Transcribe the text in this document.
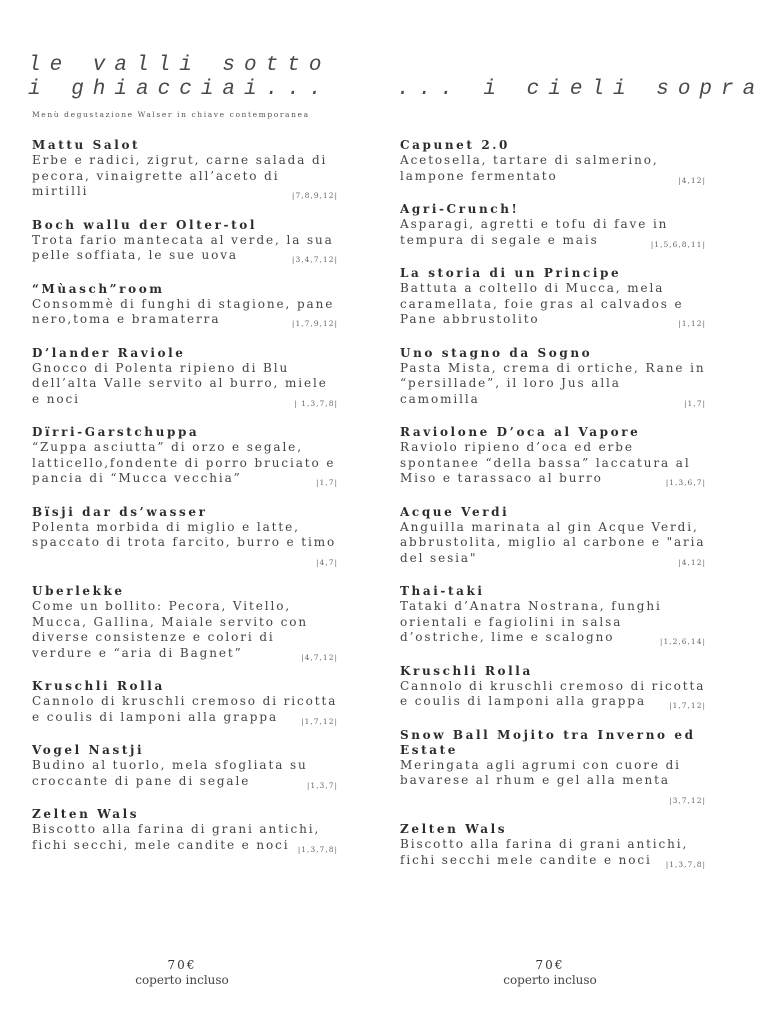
le valli sotto
i ghiacciai...	... i cieli sopra
Menù degustazione Walser in chiave contemporanea
Mattu Salot
Erbe e radici, zigrut, carne salada di pecora, vinaigrette all’aceto di mirtilli	|7,8,9,12|
Boch wallu der Olter-tol
Trota fario mantecata al verde, la sua pelle soffiata, le sue uova	|3,4,7,12|
“Mùasch”room
Consommè di funghi di stagione, pane nero,toma e bramaterra	|1,7,9,12|
D’lander Raviole
Gnocco di Polenta ripieno di Blu dell’alta Valle servito al burro, miele e noci	| 1,3,7,8|
Dïrri-Garstchuppa
“Zuppa asciutta” di orzo e segale, latticello,fondente di porro bruciato e pancia di “Mucca vecchia”	|1,7|
Bïsji dar ds’wasser
Polenta morbida di miglio e latte, spaccato di trota farcito, burro e timo
|4,7|
Uberlekke
Come un bollito: Pecora, Vitello, Mucca, Gallina, Maiale servito con diverse consistenze e colori di verdure e “aria di Bagnet”	|4,7,12|
Kruschli Rolla
Cannolo di kruschli cremoso di ricotta e coulis di lamponi alla grappa	|1,7,12|
Vogel Nastji
Budino al tuorlo, mela sfogliata su croccante di pane di segale	|1,3,7|
Zelten Wals
Biscotto alla farina di grani antichi, fichi secchi, mele candite e noci |1,3,7,8|
Capunet 2.0
Acetosella, tartare di salmerino, lampone fermentato	|4,12|
Agri-Crunch!
Asparagi, agretti e tofu di fave in tempura di segale e mais	|1,5,6,8,11|
La storia di un Principe
Battuta a coltello di Mucca, mela caramellata, foie gras al calvados e Pane abbrustolito	|1,12|
Uno stagno da Sogno
Pasta Mista, crema di ortiche, Rane in “persillade”, il loro Jus alla camomilla	|1,7|
Raviolone D’oca al Vapore
Raviolo ripieno d’oca ed erbe spontanee “della bassa” laccatura al Miso e tarassaco al burro	|1,3,6,7|
Acque Verdi
Anguilla marinata al gin Acque Verdi, abbrustolita, miglio al carbone e "aria del sesia"	|4,12|
Thai-taki
Tataki d’Anatra Nostrana, funghi orientali e fagiolini in salsa d’ostriche, lime e scalogno	|1,2,6,14|
Kruschli Rolla
Cannolo di kruschli cremoso di ricotta e coulis di lamponi alla grappa	|1,7,12|
Snow Ball Mojito tra Inverno ed Estate
Meringata agli agrumi con cuore di bavarese al rhum e gel alla menta
|3,7,12|
Zelten Wals
Biscotto alla farina di grani antichi, fichi secchi mele candite e noci |1,3,7,8|
70€
coperto incluso
70€
coperto incluso
